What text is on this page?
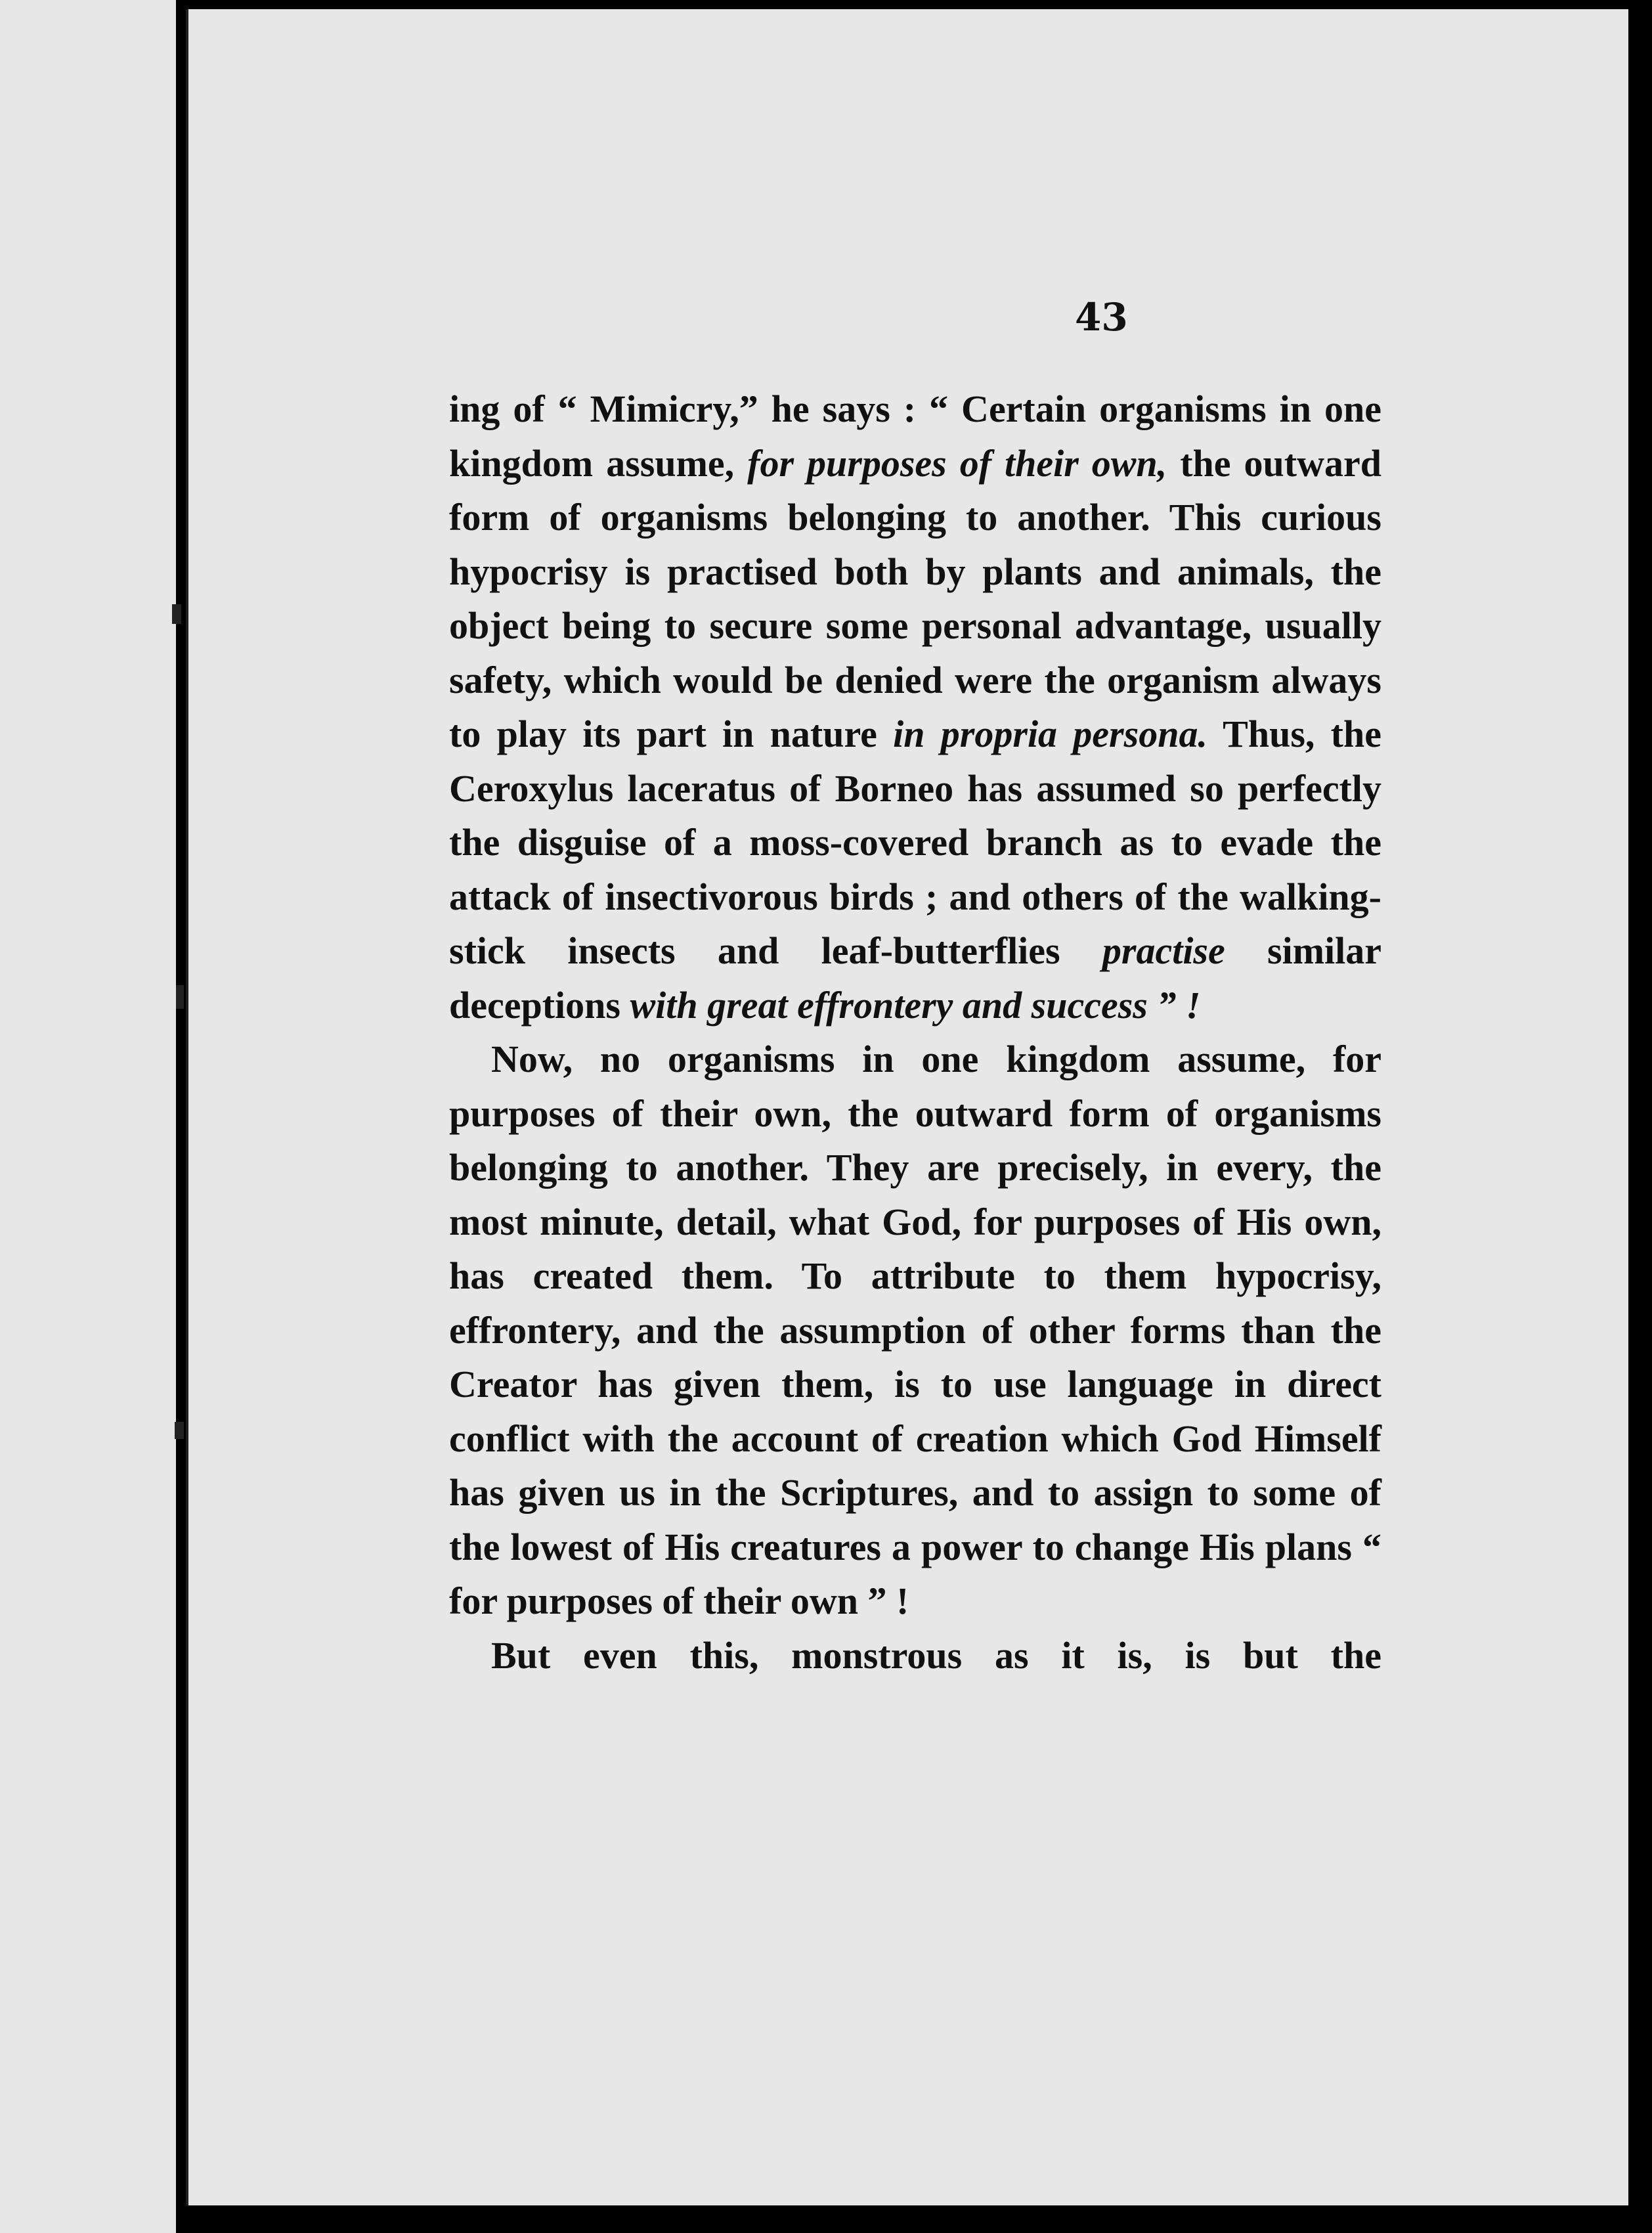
43

ing of “ Mimicry,” he says : “ Certain organisms in one kingdom assume, for purposes of their own, the outward form of organisms belonging to another. This curious hypocrisy is practised both by plants and animals, the object being to secure some personal advantage, usually safety, which would be denied were the organism always to play its part in nature in propria persona. Thus, the Ceroxylus laceratus of Borneo has assumed so perfectly the disguise of a moss-covered branch as to evade the attack of insectivorous birds ; and others of the walking-stick insects and leaf-butterflies practise similar deceptions with great effrontery and success ” !

Now, no organisms in one kingdom assume, for purposes of their own, the outward form of organisms belonging to another. They are precisely, in every, the most minute, detail, what God, for purposes of His own, has created them. To attribute to them hypocrisy, effrontery, and the assumption of other forms than the Creator has given them, is to use language in direct conflict with the account of creation which God Himself has given us in the Scriptures, and to assign to some of the lowest of His creatures a power to change His plans “ for purposes of their own ” !

But even this, monstrous as it is, is but the
